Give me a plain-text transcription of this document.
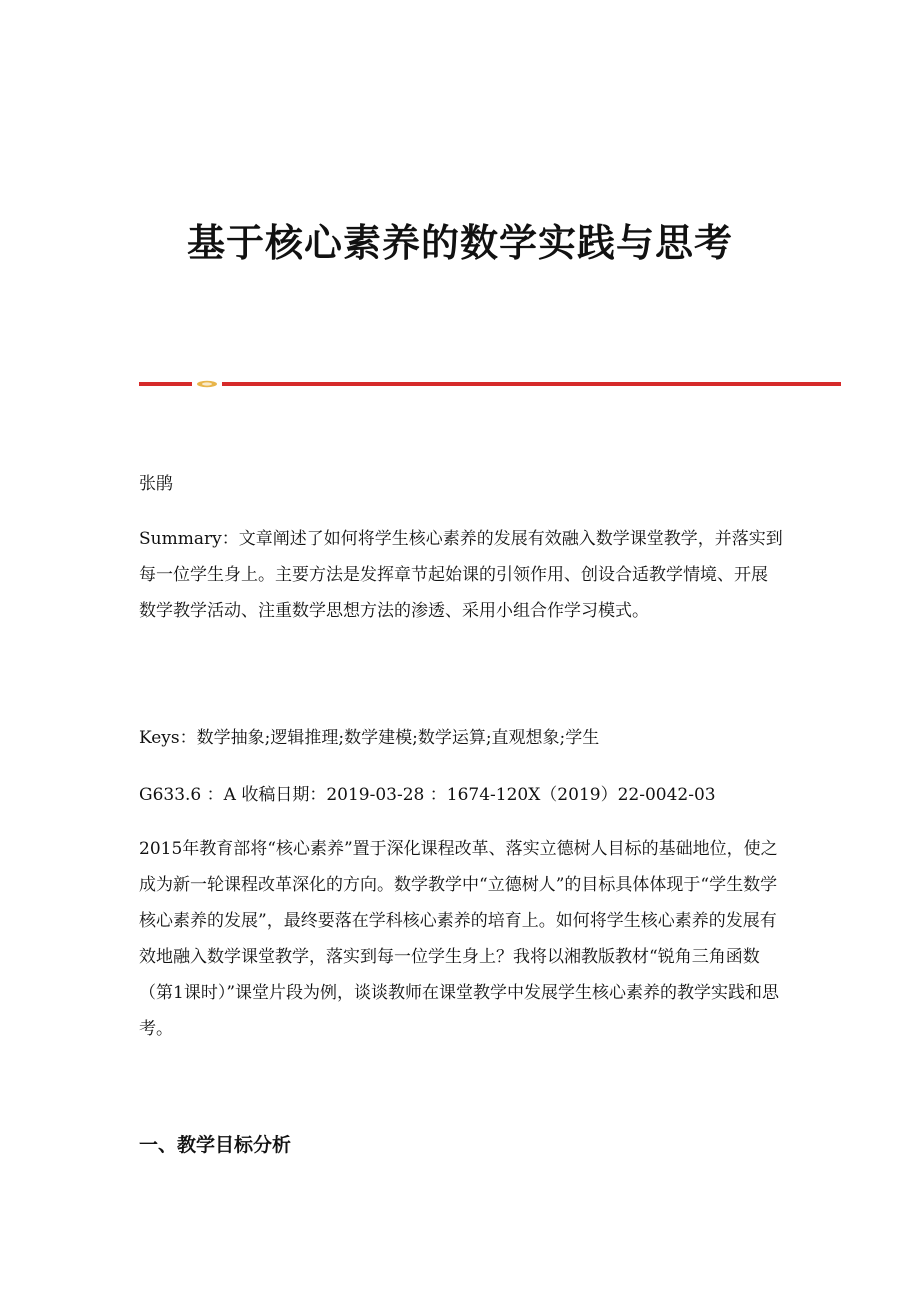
基于核心素养的数学实践与思考
张鹃
Summary：文章阐述了如何将学生核心素养的发展有效融入数学课堂教学，并落实到每一位学生身上。主要方法是发挥章节起始课的引领作用、创设合适教学情境、开展数学教学活动、注重数学思想方法的渗透、采用小组合作学习模式。
Keys：数学抽象;逻辑推理;数学建模;数学运算;直观想象;学生
G633.6 ：A 收稿日期：2019-03-28 ：1674-120X（2019）22-0042-03
2015年教育部将“核心素养”置于深化课程改革、落实立德树人目标的基础地位，使之成为新一轮课程改革深化的方向。数学教学中“立德树人”的目标具体体现于“学生数学核心素养的发展”，最终要落在学科核心素养的培育上。如何将学生核心素养的发展有效地融入数学课堂教学，落实到每一位学生身上？我将以湘教版教材“锐角三角函数（第1课时）”课堂片段为例，谈谈教师在课堂教学中发展学生核心素养的教学实践和思考。
一、教学目标分析
